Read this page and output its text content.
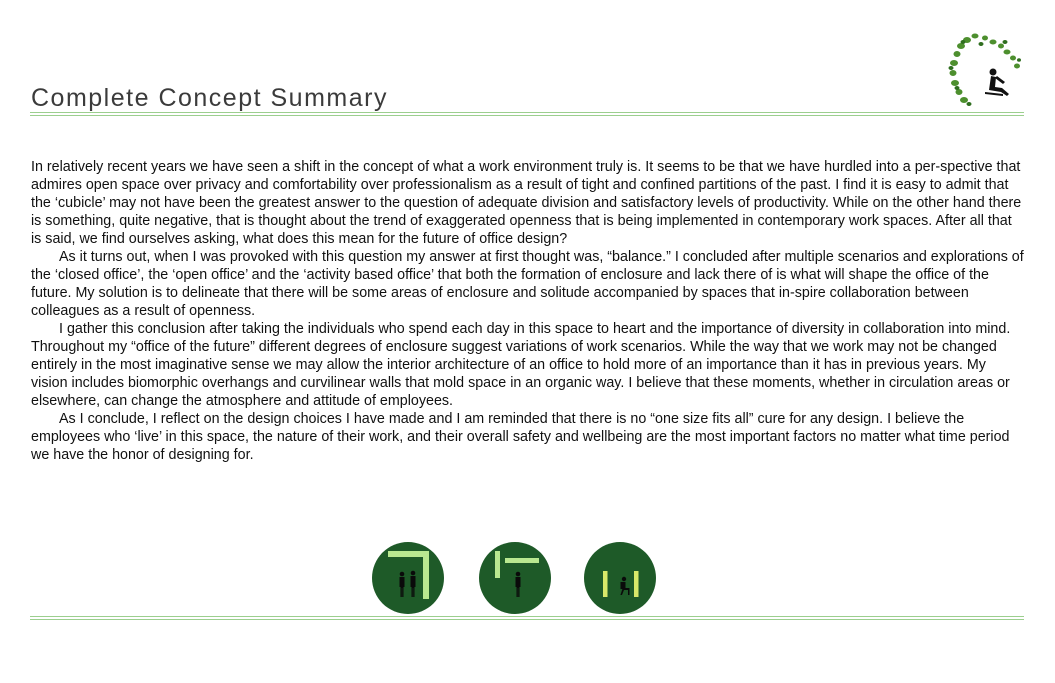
Complete Concept Summary

In relatively recent years we have seen a shift in the concept of what a work environment truly is. It seems to be that we have hurdled into a per-spective that admires open space over privacy and comfortability over professionalism as a result of tight and confined partitions of the past. I find it is easy to admit that the ‘cubicle’ may not have been the greatest answer to the question of adequate division and satisfactory levels of productivity. While on the other hand there is something, quite negative, that is thought about the trend of exaggerated openness that is being implemented in contemporary work spaces. After all that is said, we find ourselves asking, what does this mean for the future of office design?

As it turns out, when I was provoked with this question my answer at first thought was, “balance.” I concluded after multiple scenarios and explorations of the ‘closed office’, the ‘open office’ and the ‘activity based office’ that both the formation of enclosure and lack there of is what will shape the office of the future. My solution is to delineate that there will be some areas of enclosure and solitude accompanied by spaces that in-spire collaboration between colleagues as a result of openness.

I gather this conclusion after taking the individuals who spend each day in this space to heart and the importance of diversity in collaboration into mind. Throughout my “office of the future” different degrees of enclosure suggest variations of work scenarios. While the way that we work may not be changed entirely in the most imaginative sense we may allow the interior architecture of an office to hold more of an importance than it has in previous years. My vision includes biomorphic overhangs and curvilinear walls that mold space in an organic way. I believe that these moments, whether in circulation areas or elsewhere, can change the atmosphere and attitude of employees.

As I conclude, I reflect on the design choices I have made and I am reminded that there is no “one size fits all” cure for any design. I believe the employees who ‘live’ in this space, the nature of their work, and their overall safety and wellbeing are the most important factors no matter what time period we have the honor of designing for.
